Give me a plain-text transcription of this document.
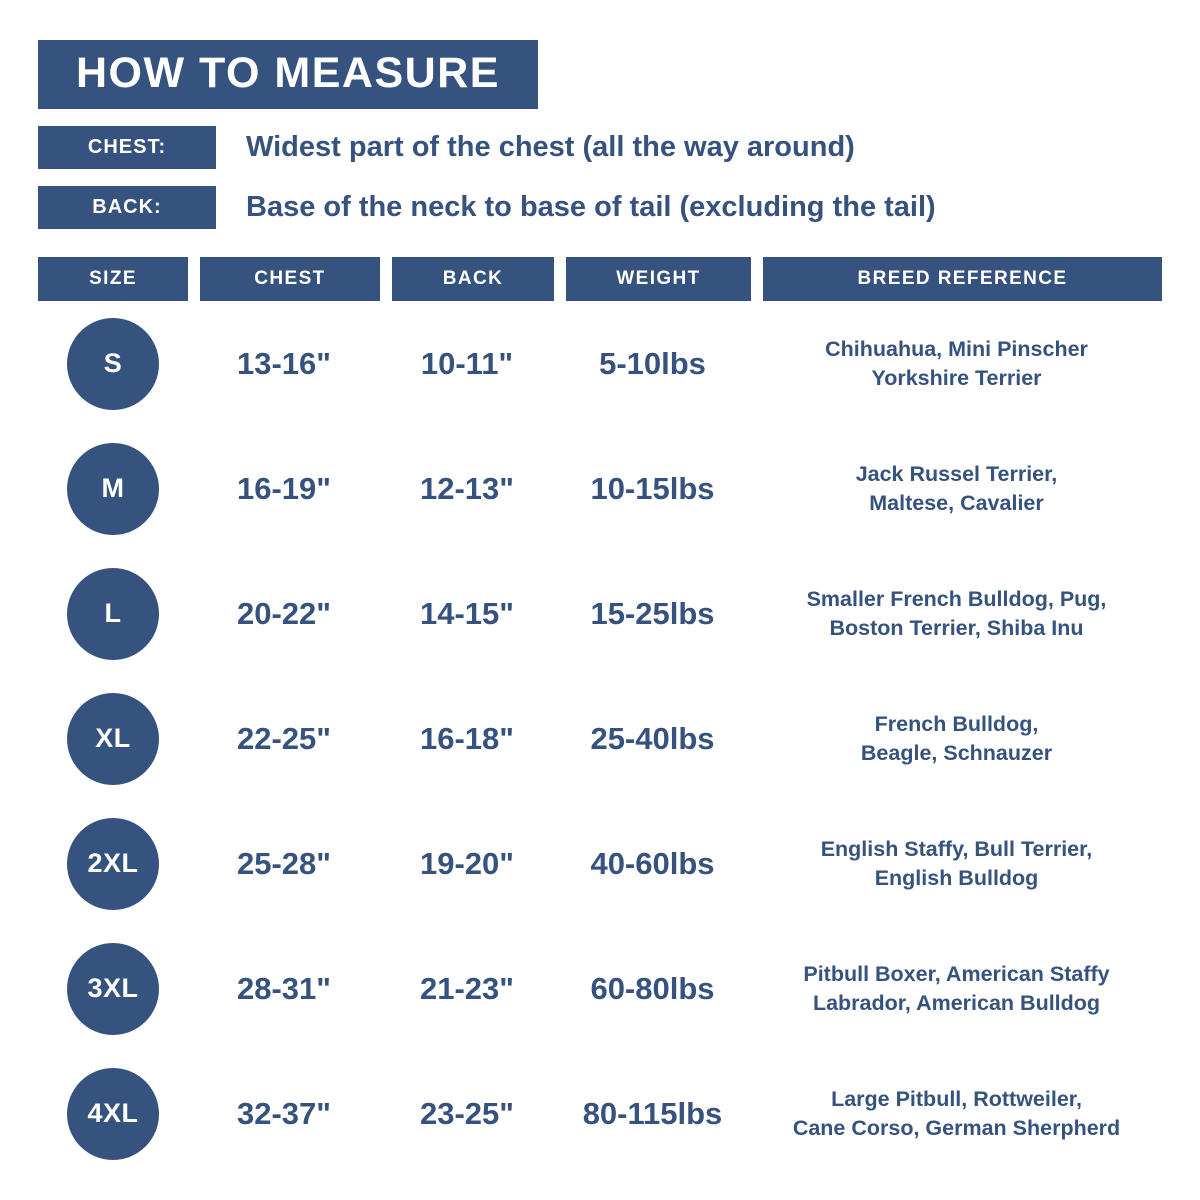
HOW TO MEASURE
CHEST:	Widest part of the chest (all the way around)
BACK:	Base of the neck to base of tail (excluding the tail)
SIZE	CHEST	BACK	WEIGHT	BREED REFERENCE

S	13-16"	10-11"	5-10lbs	Chihuahua, Mini Pinscher
Yorkshire Terrier

M	16-19"	12-13"	10-15lbs	Jack Russel Terrier,
Maltese, Cavalier

L	20-22"	14-15"	15-25lbs	Smaller French Bulldog, Pug,
Boston Terrier, Shiba Inu

XL	22-25"	16-18"	25-40lbs	French Bulldog,
Beagle, Schnauzer

2XL	25-28"	19-20"	40-60lbs	English Staffy, Bull Terrier,
English Bulldog

3XL	28-31"	21-23"	60-80lbs	Pitbull Boxer, American Staffy
Labrador, American Bulldog

4XL	32-37"	23-25"	80-115lbs	Large Pitbull, Rottweiler,
Cane Corso, German Sherpherd
